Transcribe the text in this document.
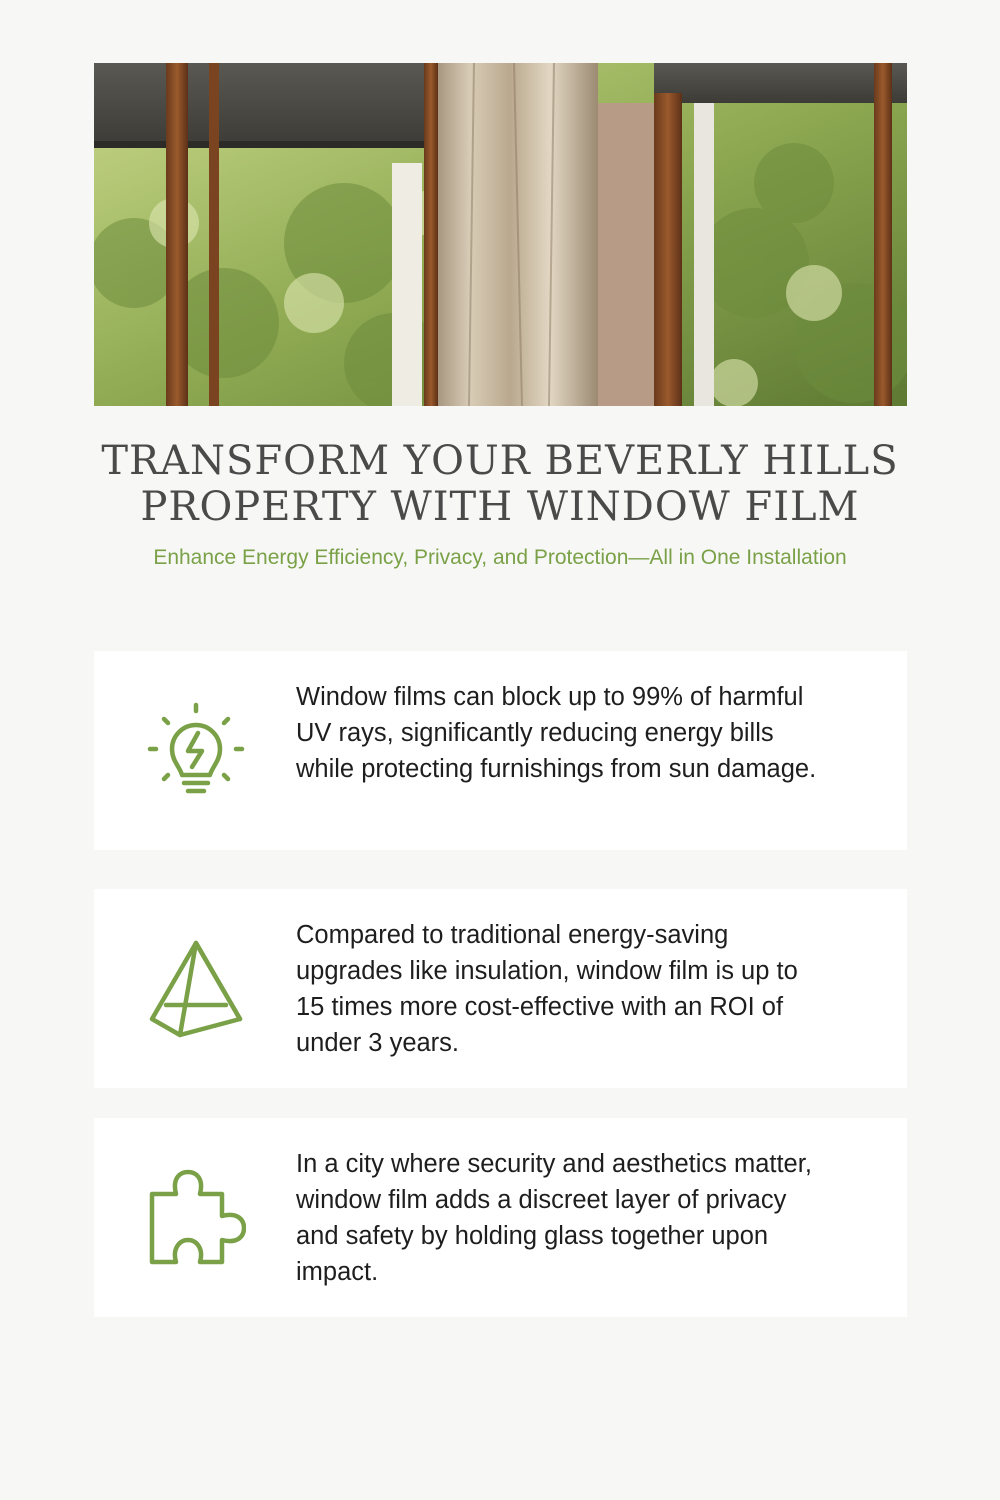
TRANSFORM YOUR BEVERLY HILLS PROPERTY WITH WINDOW FILM

Enhance Energy Efficiency, Privacy, and Protection—All in One Installation

Window films can block up to 99% of harmful UV rays, significantly reducing energy bills while protecting furnishings from sun damage.

Compared to traditional energy-saving upgrades like insulation, window film is up to 15 times more cost-effective with an ROI of under 3 years.

In a city where security and aesthetics matter, window film adds a discreet layer of privacy and safety by holding glass together upon impact.
